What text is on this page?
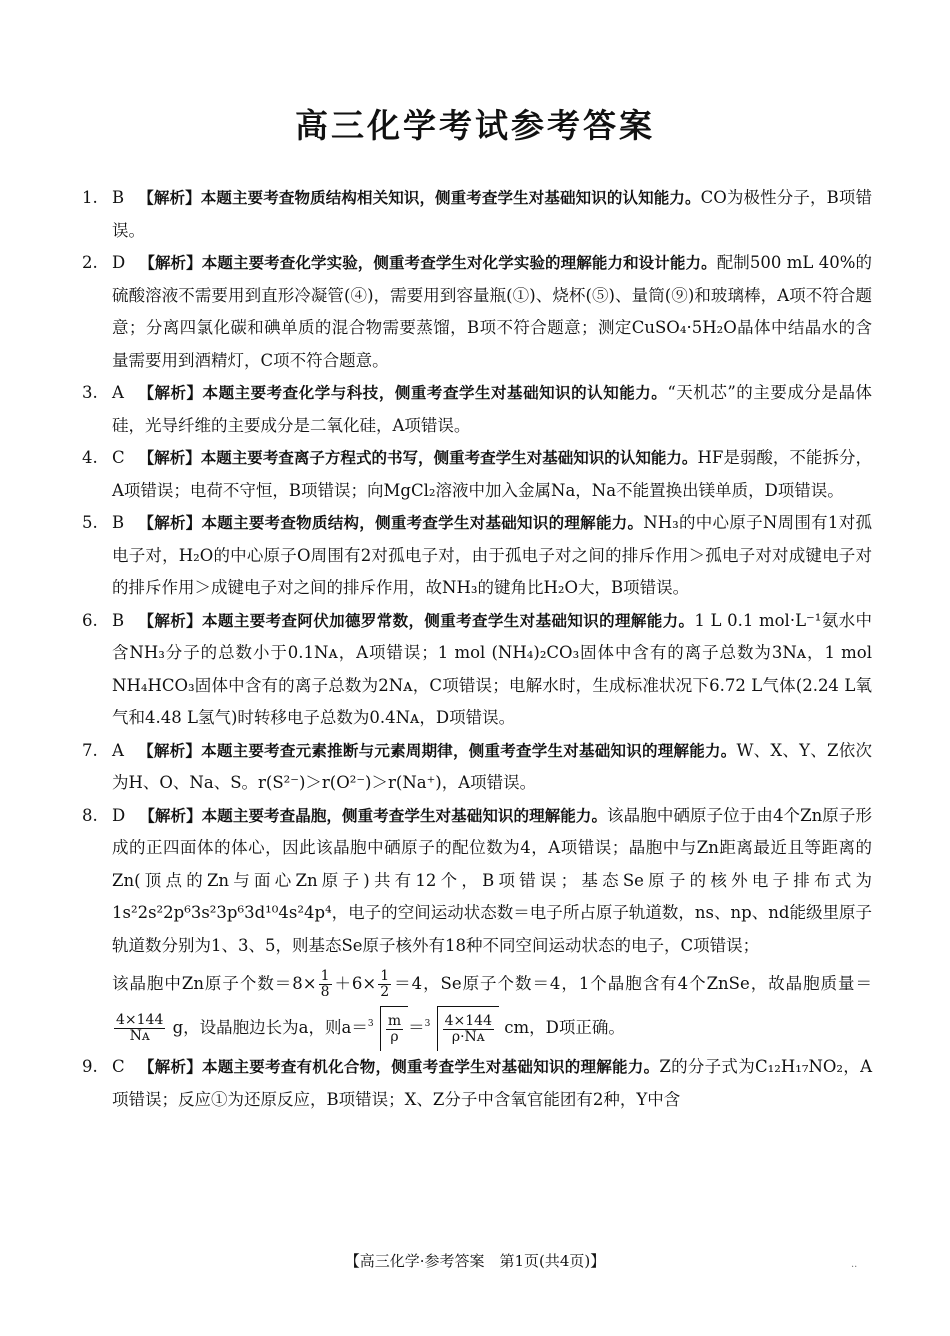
高三化学考试参考答案
1. B 【解析】本题主要考查物质结构相关知识，侧重考查学生对基础知识的认知能力。CO为极性分子，B项错误。
2. D 【解析】本题主要考查化学实验，侧重考查学生对化学实验的理解能力和设计能力。配制500 mL 40%的硫酸溶液不需要用到直形冷凝管(④)，需要用到容量瓶(①)、烧杯(⑤)、量筒(⑨)和玻璃棒，A项不符合题意；分离四氯化碳和碘单质的混合物需要蒸馏，B项不符合题意；测定CuSO₄·5H₂O晶体中结晶水的含量需要用到酒精灯，C项不符合题意。
3. A 【解析】本题主要考查化学与科技，侧重考查学生对基础知识的认知能力。“天机芯”的主要成分是晶体硅，光导纤维的主要成分是二氧化硅，A项错误。
4. C 【解析】本题主要考查离子方程式的书写，侧重考查学生对基础知识的认知能力。HF是弱酸，不能拆分，A项错误；电荷不守恒，B项错误；向MgCl₂溶液中加入金属Na，Na不能置换出镁单质，D项错误。
5. B 【解析】本题主要考查物质结构，侧重考查学生对基础知识的理解能力。NH₃的中心原子N周围有1对孤电子对，H₂O的中心原子O周围有2对孤电子对，由于孤电子对之间的排斥作用＞孤电子对对成键电子对的排斥作用＞成键电子对之间的排斥作用，故NH₃的键角比H₂O大，B项错误。
6. B 【解析】本题主要考查阿伏加德罗常数，侧重考查学生对基础知识的理解能力。1 L 0.1 mol·L⁻¹氨水中含NH₃分子的总数小于0.1Nᴀ，A项错误；1 mol (NH₄)₂CO₃固体中含有的离子总数为3Nᴀ，1 mol NH₄HCO₃固体中含有的离子总数为2Nᴀ，C项错误；电解水时，生成标准状况下6.72 L气体(2.24 L氧气和4.48 L氢气)时转移电子总数为0.4Nᴀ，D项错误。
7. A 【解析】本题主要考查元素推断与元素周期律，侧重考查学生对基础知识的理解能力。W、X、Y、Z依次为H、O、Na、S。r(S²⁻)＞r(O²⁻)＞r(Na⁺)，A项错误。
8. D 【解析】本题主要考查晶胞，侧重考查学生对基础知识的理解能力。该晶胞中硒原子位于由4个Zn原子形成的正四面体的体心，因此该晶胞中硒原子的配位数为4，A项错误；晶胞中与Zn距离最近且等距离的Zn(顶点的Zn与面心Zn原子)共有12个，B项错误；基态Se原子的核外电子排布式为1s²2s²2p⁶3s²3p⁶3d¹⁰4s²4p⁴，电子的空间运动状态数＝电子所占原子轨道数，ns、np、nd能级里原子轨道数分别为1、3、5，则基态Se原子核外有18种不同空间运动状态的电子，C项错误；
该晶胞中Zn原子个数$=8\times \frac{1}{8} +6\times \frac{1}{2} =4$，Se原子个数＝4，1个晶胞含有4个ZnSe，故晶胞质量＝
$\frac{4\times 144}{\text{Nᴀ}}$ g，设晶胞边长为a，则$a= 3 \frac{m}{\rho} = 3 \frac{4\times 144}{\text{ρ·Nᴀ}}$ cm，D项正确。
9. C 【解析】本题主要考查有机化合物，侧重考查学生对基础知识的理解能力。Z的分子式为C₁₂H₁₇NO₂，A项错误；反应①为还原反应，B项错误；X、Z分子中含氧官能团有2种，Y中含
【高三化学·参考答案　第1页(共4页)】	··
